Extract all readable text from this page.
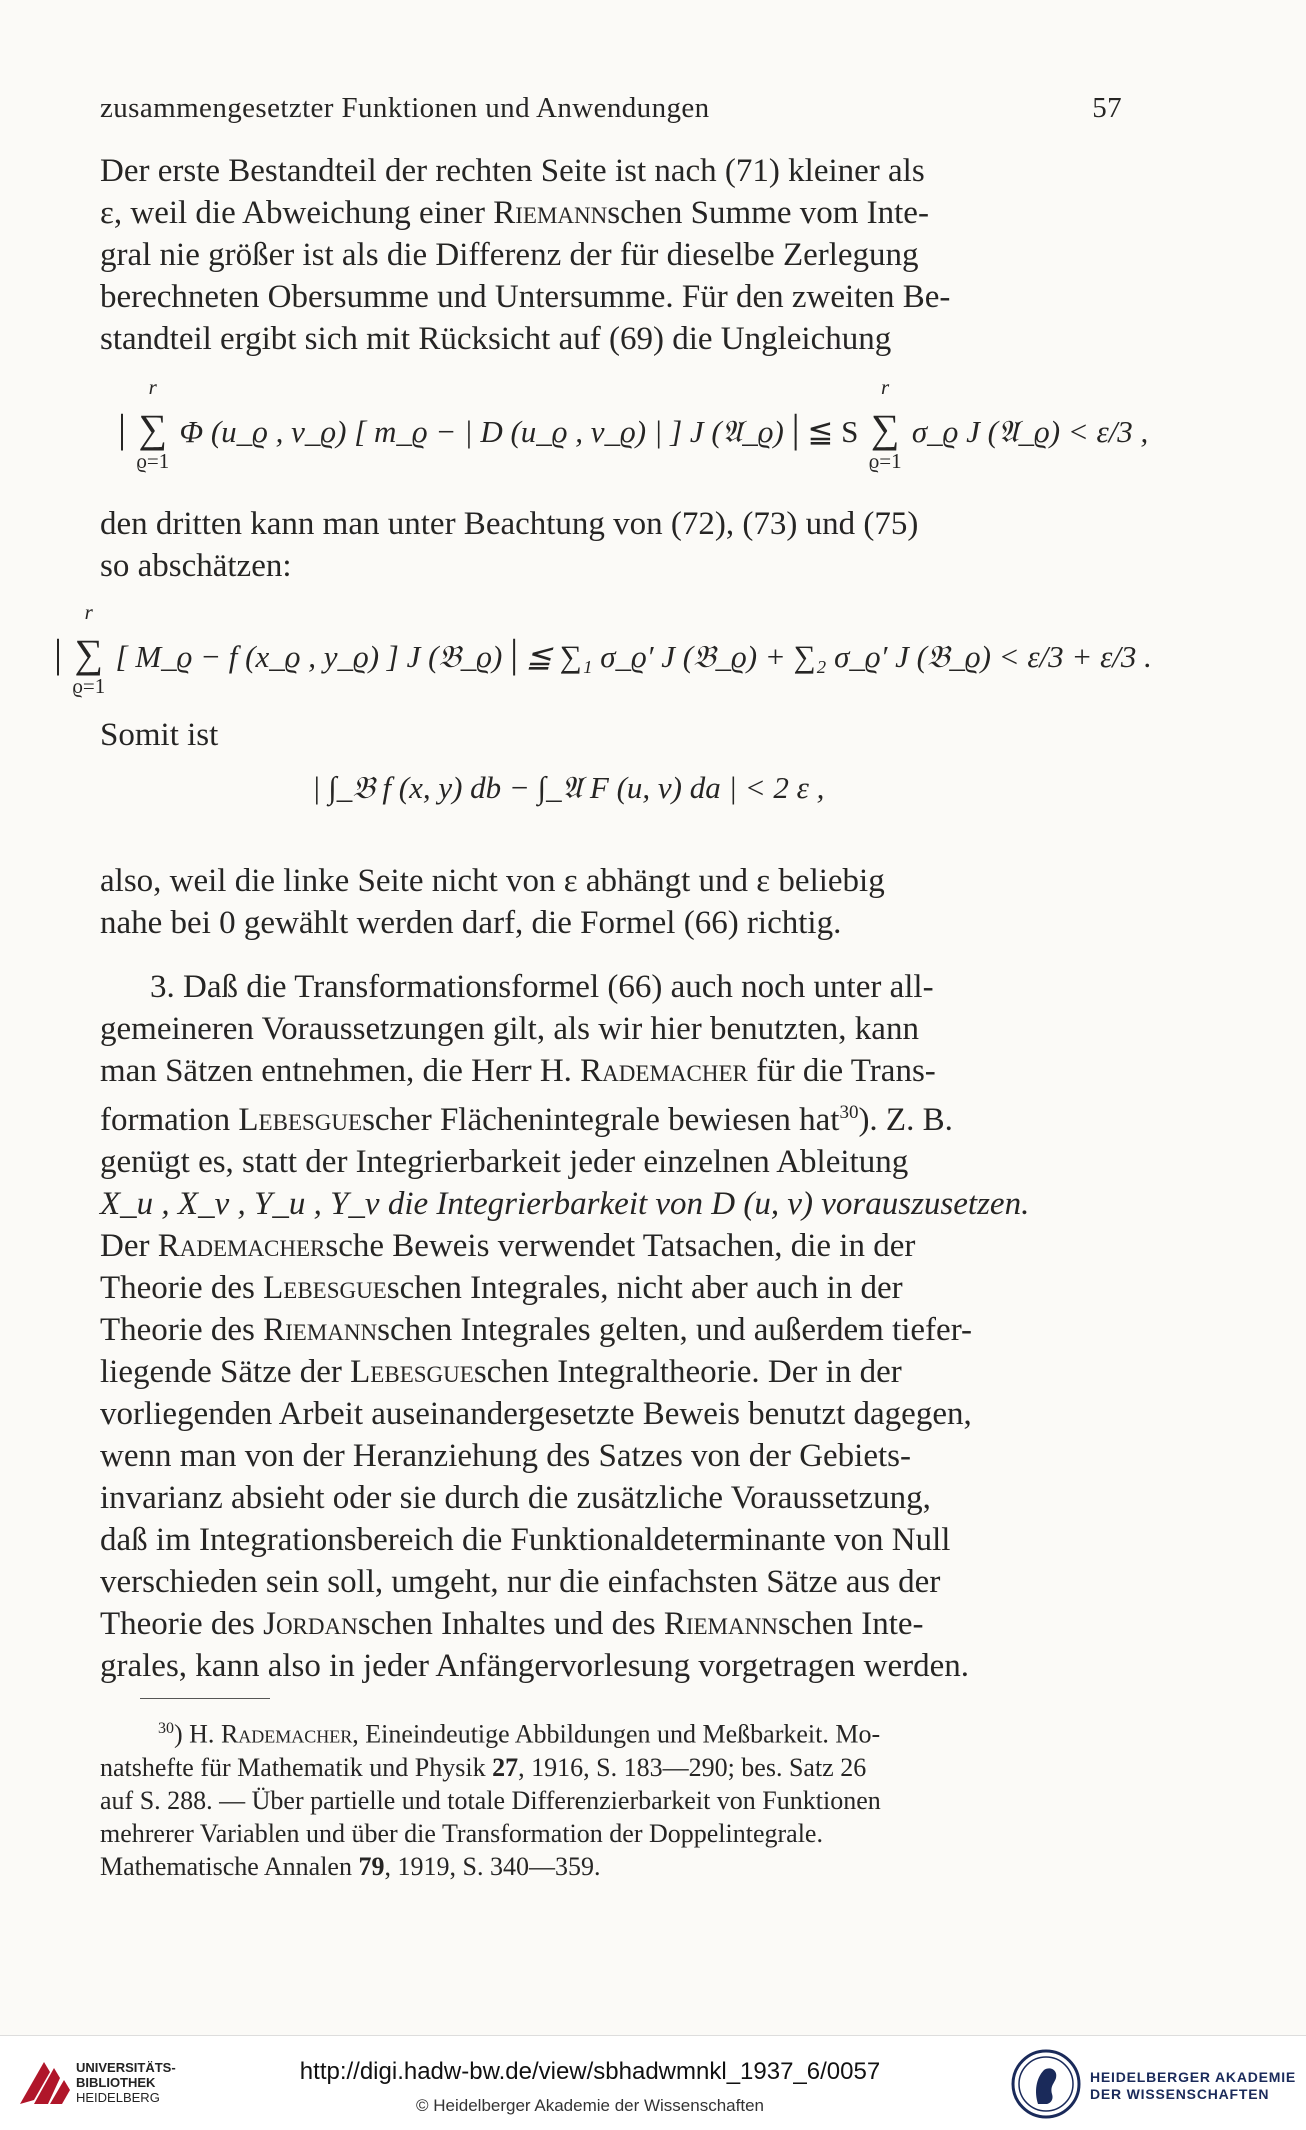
zusammengesetzter Funktionen und Anwendungen	57
Der erste Bestandteil der rechten Seite ist nach (71) kleiner als
ε, weil die Abweichung einer Riemannschen Summe vom Inte-
gral nie größer ist als die Differenz der für dieselbe Zerlegung
berechneten Obersumme und Untersumme. Für den zweiten Be-
standteil ergibt sich mit Rücksicht auf (69) die Ungleichung
| ∑
r
ϱ=1
Φ (u_ϱ , v_ϱ) [ m_ϱ − | D (u_ϱ , v_ϱ) | ] J (𝔄_ϱ) | ≦ S ∑
r
ϱ=1
σ_ϱ J (𝔄_ϱ) < ε/3 ,
den dritten kann man unter Beachtung von (72), (73) und (75)
so abschätzen:
| ∑
r
ϱ=1
[ M_ϱ − f (x_ϱ , y_ϱ) ] J (𝔅_ϱ) | ≦ ∑₁ σ_ϱ′ J (𝔅_ϱ) + ∑₂ σ_ϱ′ J (𝔅_ϱ) < ε/3 + ε/3 .
Somit ist
| ∫_𝔅 f (x, y) db − ∫_𝔄 F (u, v) da | < 2 ε ,
also, weil die linke Seite nicht von ε abhängt und ε beliebig
nahe bei 0 gewählt werden darf, die Formel (66) richtig.
3. Daß die Transformationsformel (66) auch noch unter all-
gemeineren Voraussetzungen gilt, als wir hier benutzten, kann
man Sätzen entnehmen, die Herr H. Rademacher für die Trans-
formation Lebesguescher Flächenintegrale bewiesen hat$^{30}$). Z. B.
genügt es, statt der Integrierbarkeit jeder einzelnen Ableitung
X_u , X_v , Y_u , Y_v die Integrierbarkeit von D (u, v) vorauszusetzen.
Der Rademachersche Beweis verwendet Tatsachen, die in der
Theorie des Lebesgueschen Integrales, nicht aber auch in der
Theorie des Riemannschen Integrales gelten, und außerdem tiefer-
liegende Sätze der Lebesgueschen Integraltheorie. Der in der
vorliegenden Arbeit auseinandergesetzte Beweis benutzt dagegen,
wenn man von der Heranziehung des Satzes von der Gebiets-
invarianz absieht oder sie durch die zusätzliche Voraussetzung,
daß im Integrationsbereich die Funktionaldeterminante von Null
verschieden sein soll, umgeht, nur die einfachsten Sätze aus der
Theorie des Jordanschen Inhaltes und des Riemannschen Inte-
grales, kann also in jeder Anfängervorlesung vorgetragen werden.
$^{30}$) H. Rademacher, Eineindeutige Abbildungen und Meßbarkeit. Mo-
natshefte für Mathematik und Physik 27, 1916, S. 183—290; bes. Satz 26
auf S. 288. — Über partielle und totale Differenzierbarkeit von Funktionen
mehrerer Variablen und über die Transformation der Doppelintegrale.
Mathematische Annalen 79, 1919, S. 340—359.
UNIVERSITÄTS-
BIBLIOTHEK
HEIDELBERG
http://digi.hadw-bw.de/view/sbhadwmnkl_1937_6/0057
© Heidelberger Akademie der Wissenschaften
HEIDELBERGER AKADEMIE
DER WISSENSCHAFTEN
